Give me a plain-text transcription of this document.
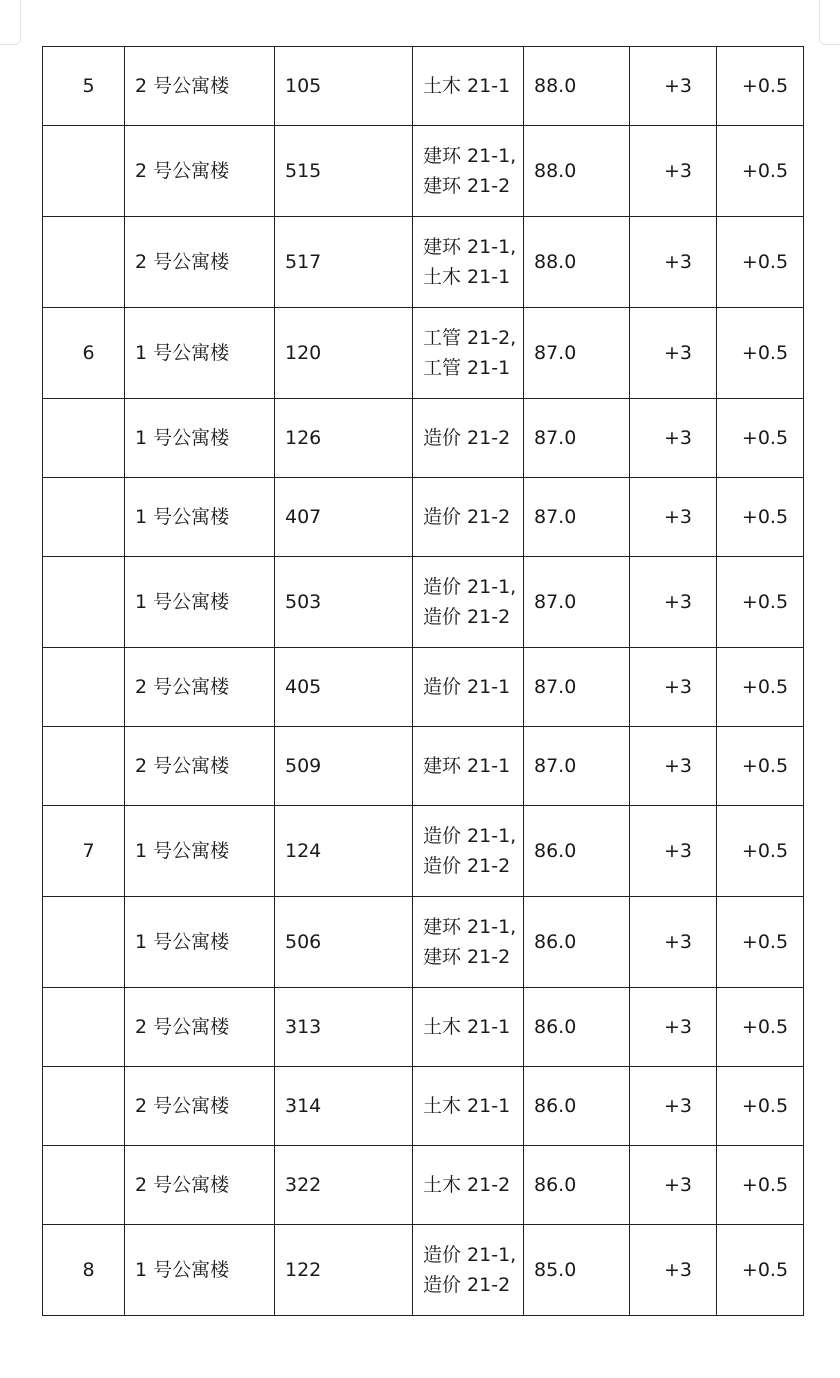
5	2 号公寓楼	105	土木 21-1	88.0	+3	+0.5
	2 号公寓楼	515	建环 21-1,建环 21-2	88.0	+3	+0.5
	2 号公寓楼	517	建环 21-1,土木 21-1	88.0	+3	+0.5
6	1 号公寓楼	120	工管 21-2,工管 21-1	87.0	+3	+0.5
	1 号公寓楼	126	造价 21-2	87.0	+3	+0.5
	1 号公寓楼	407	造价 21-2	87.0	+3	+0.5
	1 号公寓楼	503	造价 21-1,造价 21-2	87.0	+3	+0.5
	2 号公寓楼	405	造价 21-1	87.0	+3	+0.5
	2 号公寓楼	509	建环 21-1	87.0	+3	+0.5
7	1 号公寓楼	124	造价 21-1,造价 21-2	86.0	+3	+0.5
	1 号公寓楼	506	建环 21-1,建环 21-2	86.0	+3	+0.5
	2 号公寓楼	313	土木 21-1	86.0	+3	+0.5
	2 号公寓楼	314	土木 21-1	86.0	+3	+0.5
	2 号公寓楼	322	土木 21-2	86.0	+3	+0.5
8	1 号公寓楼	122	造价 21-1,造价 21-2	85.0	+3	+0.5
